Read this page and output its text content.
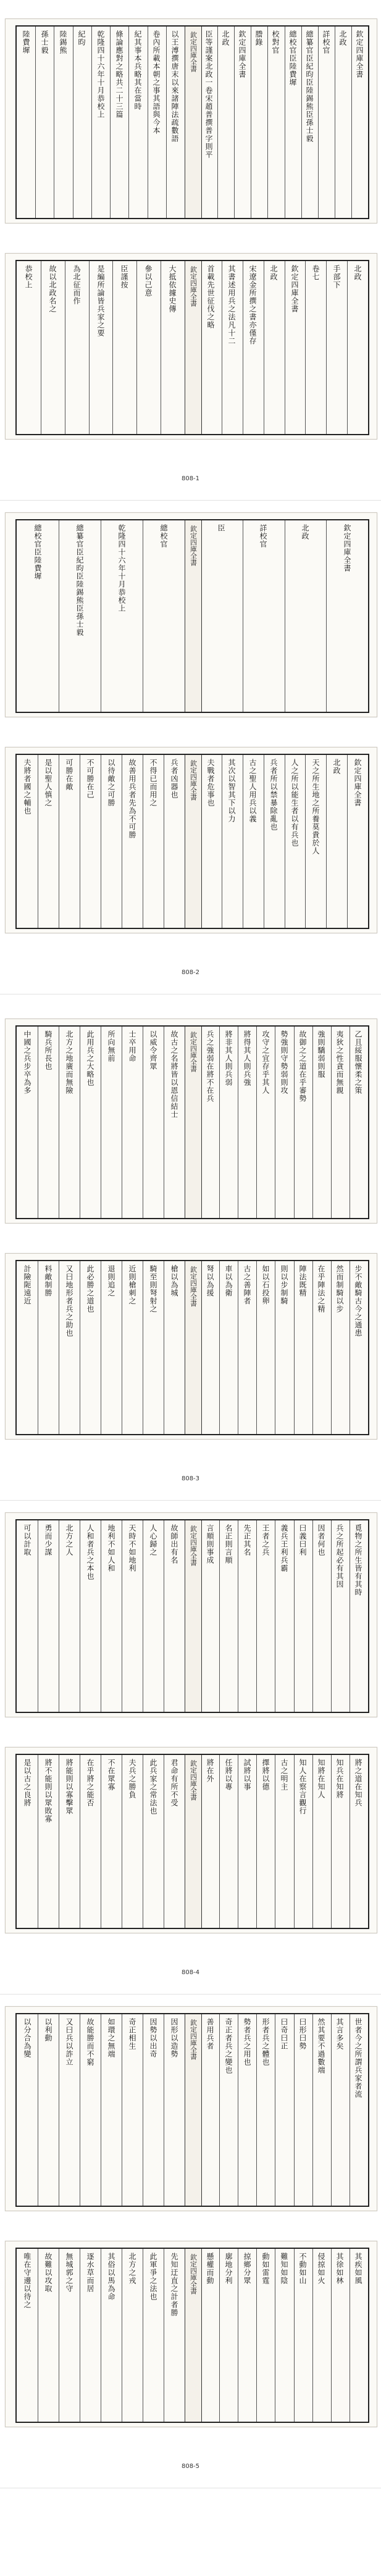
欽定四庫全書	欽定四庫全書
北政
詳校官
總纂官臣紀昀臣陸錫熊臣孫士毅
總校官臣陸費墀
校對官
謄錄
欽定四庫全書
北政
臣等謹案北政一卷宋趙普撰普字則平
以王溥撰唐末以來諸陣法疏數語
卷內所載本朝之事其語與今本
紀其事本兵略其在當時
條論應對之略共二十三篇
乾隆四十六年十月恭校上
紀昀
陸錫熊
孫士毅
陸費墀
欽定四庫全書	北政
手部下
卷七
欽定四庫全書
北政
宋遼金所撰之書亦僅存
其書述用兵之法凡十二
首載先世征伐之略
大抵依據史傳
參以己意
臣謹按
是編所論皆兵家之要
為北征而作
故以北政名之
恭校上
808-1
欽定四庫全書	欽定四庫全書
北政
詳校官
臣
總校官
乾隆四十六年十月恭校上
總纂官臣紀昀臣陸錫熊臣孫士毅
總校官臣陸費墀
欽定四庫全書	欽定四庫全書
北政
天之所生地之所養莫貴於人
人之所以能生者以有兵也
兵者所以禁暴除亂也
古之聖人用兵以義
其次以智其下以力
夫戰者危事也
兵者凶器也
不得已而用之
故善用兵者先為不可勝
以待敵之可勝
不可勝在己
可勝在敵
是以聖人慎之
夫將者國之輔也
808-2
欽定四庫全書	乙且綏服懷柔之策
夷狄之性貪而無親
強則驕弱則服
故御之之道在乎審勢
勢強則守勢弱則攻
攻守之宜存乎其人
將得其人則兵強
將非其人則兵弱
兵之強弱在將不在兵
故古之名將皆以恩信結士
以威令齊眾
士卒用命
所向無前
此用兵之大略也
北方之地廣而無險
騎兵所長也
中國之兵步卒為多
欽定四庫全書	步不敵騎古今之通患
然而制騎以步
在乎陣法之精
陣法既精
則以步制騎
如以石投卵
古之善陣者
車以為衛
弩以為援
槍以為城
騎至則弩射之
近則槍刺之
退則追之
此必勝之道也
又曰地形者兵之助也
料敵制勝
計險阨遠近
808-3
欽定四庫全書	覓物之所生皆有其時
兵之所起必有其因
因者何也
曰義曰利
義兵王利兵霸
王者之兵
先正其名
名正則言順
言順則事成
故師出有名
人心歸之
天時不如地利
地利不如人和
人和者兵之本也
北方之人
勇而少謀
可以計取
欽定四庫全書	將之道在知兵
知兵在知將
知將在知人
知人在察言觀行
古之明主
擇將以德
試將以事
任將以專
將在外
君命有所不受
此兵家之常法也
夫兵之勝負
不在眾寡
在乎將之能否
將能則以寡擊眾
將不能則以眾敗寡
是以古之良將
808-4
欽定四庫全書	世者今之所謂兵家者流
其言多矣
然其要不過數端
曰形曰勢
曰奇曰正
形者兵之體也
勢者兵之用也
奇正者兵之變也
善用兵者
因形以造勢
因勢以出奇
奇正相生
如環之無端
故能勝而不窮
又曰兵以詐立
以利動
以分合為變
欽定四庫全書	其疾如風
其徐如林
侵掠如火
不動如山
難知如陰
動如雷霆
掠鄉分眾
廓地分利
懸權而動
先知迂直之計者勝
此軍爭之法也
北方之戎
其俗以馬為命
逐水草而居
無城郭之守
故難以攻取
唯在守邊以待之
808-5
